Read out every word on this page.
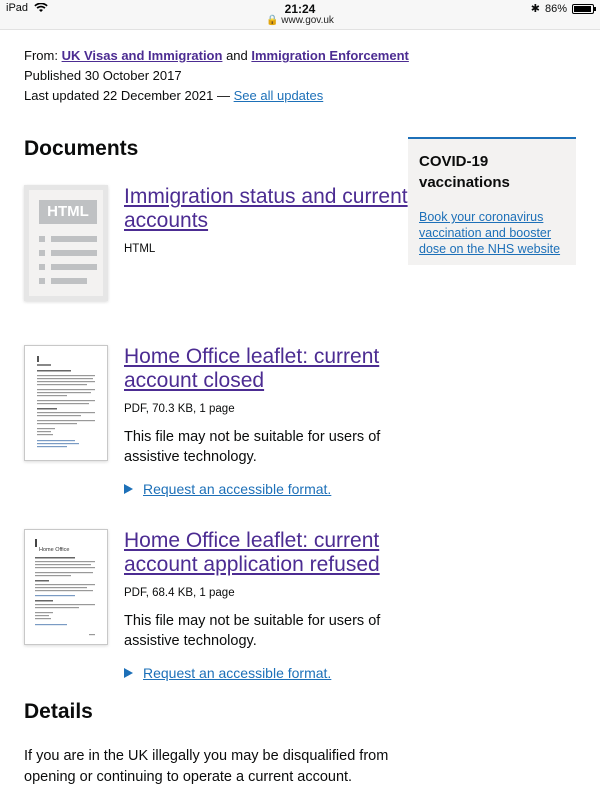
iPad	21:24
🔒 www.gov.uk
✱ 86%
From: UK Visas and Immigration and Immigration Enforcement
Published 30 October 2017
Last updated 22 December 2021 — See all updates
Documents
COVID-19 vaccinations
Book your coronavirus vaccination and booster dose on the NHS website
HTML
Immigration status and current accounts
HTML
Home Office leaflet: current account closed
PDF, 70.3 KB, 1 page
This file may not be suitable for users of assistive technology.
Request an accessible format.
Home Office	Home Office leaflet: current account application refused
PDF, 68.4 KB, 1 page
This file may not be suitable for users of assistive technology.
Request an accessible format.
Details

If you are in the UK illegally you may be disqualified from opening or continuing to operate a current account.
